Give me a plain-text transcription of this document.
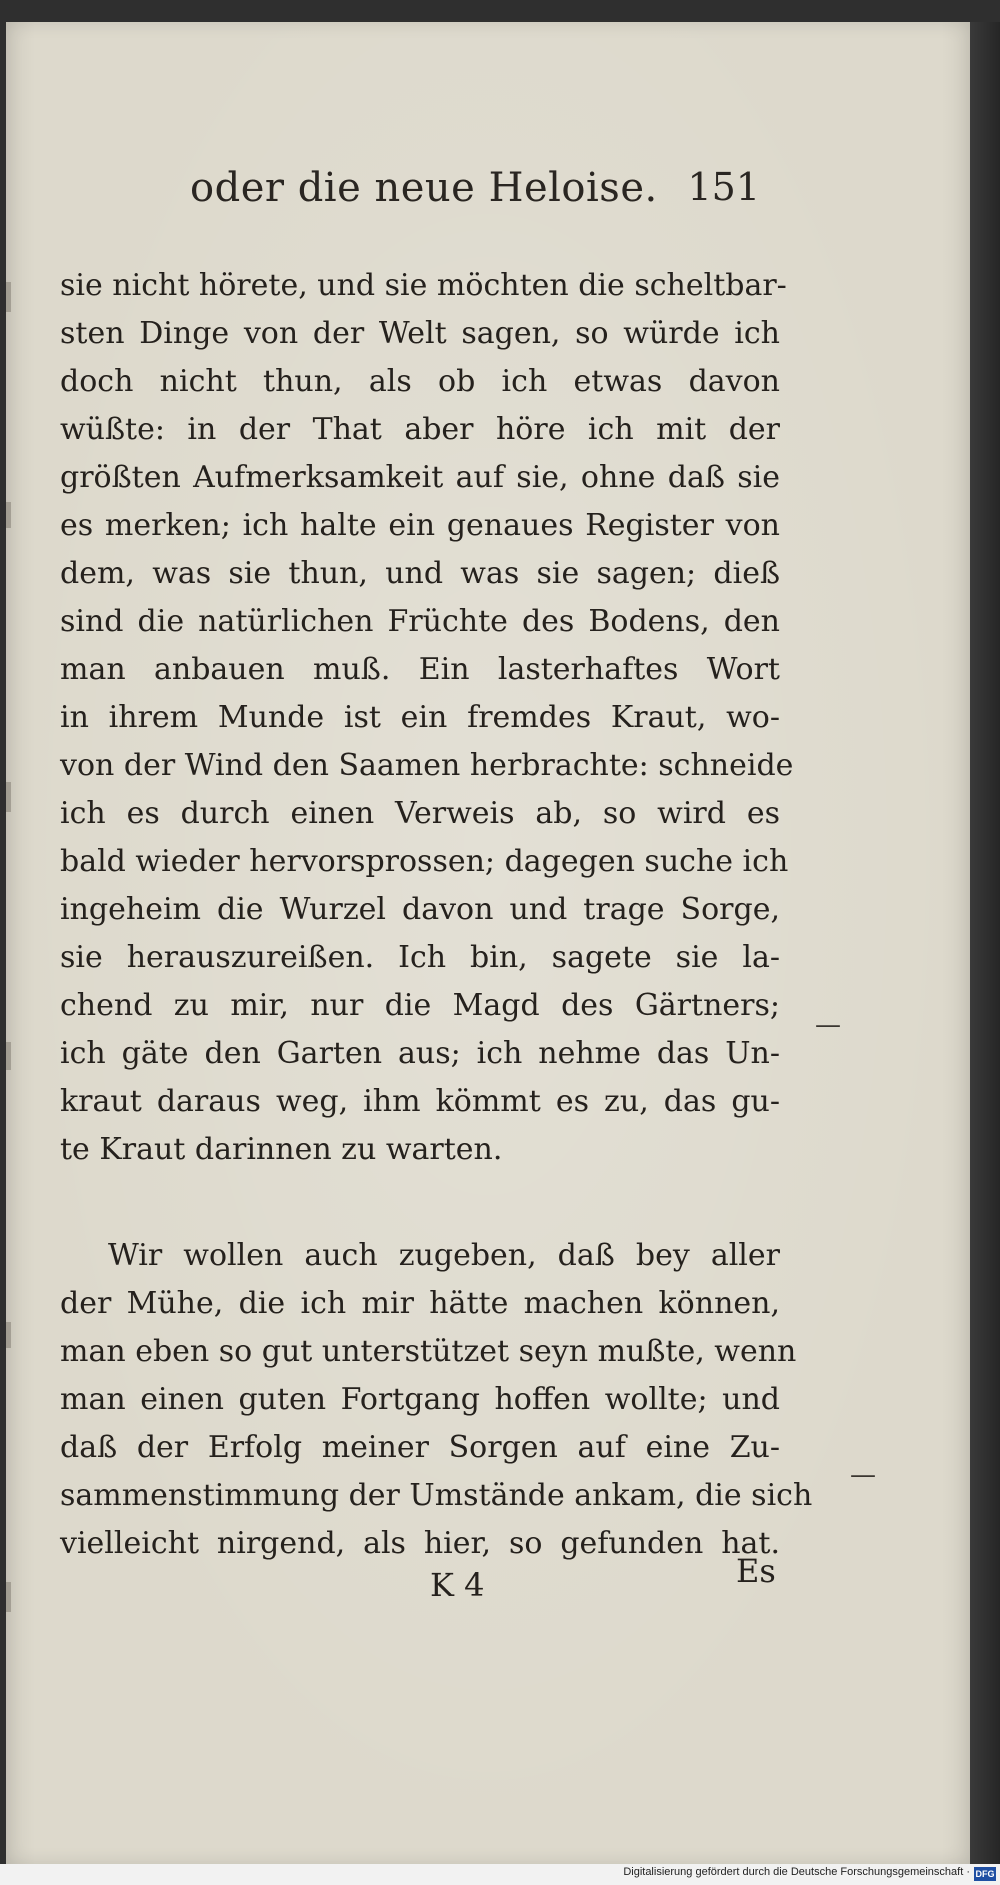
oder die neue Heloise. 151
sie nicht hörete, und sie möchten die scheltbar-
sten Dinge von der Welt sagen, so würde ich
doch nicht thun, als ob ich etwas davon
wüßte: in der That aber höre ich mit der
größten Aufmerksamkeit auf sie, ohne daß sie
es merken; ich halte ein genaues Register von
dem, was sie thun, und was sie sagen; dieß
sind die natürlichen Früchte des Bodens, den
man anbauen muß. Ein lasterhaftes Wort
in ihrem Munde ist ein fremdes Kraut, wo-
von der Wind den Saamen herbrachte: schneide
ich es durch einen Verweis ab, so wird es
bald wieder hervorsprossen; dagegen suche ich
ingeheim die Wurzel davon und trage Sorge,
sie herauszureißen. Ich bin, sagete sie la-
chend zu mir, nur die Magd des Gärtners;
ich gäte den Garten aus; ich nehme das Un-
kraut daraus weg, ihm kömmt es zu, das gu-
te Kraut darinnen zu warten.
Wir wollen auch zugeben, daß bey aller
der Mühe, die ich mir hätte machen können,
man eben so gut unterstützet seyn mußte, wenn
man einen guten Fortgang hoffen wollte; und
daß der Erfolg meiner Sorgen auf eine Zu-
sammenstimmung der Umstände ankam, die sich
vielleicht nirgend, als hier, so gefunden hat.
K 4	Es
—
—
Digitalisierung gefördert durch die Deutsche Forschungsgemeinschaft · DFG
